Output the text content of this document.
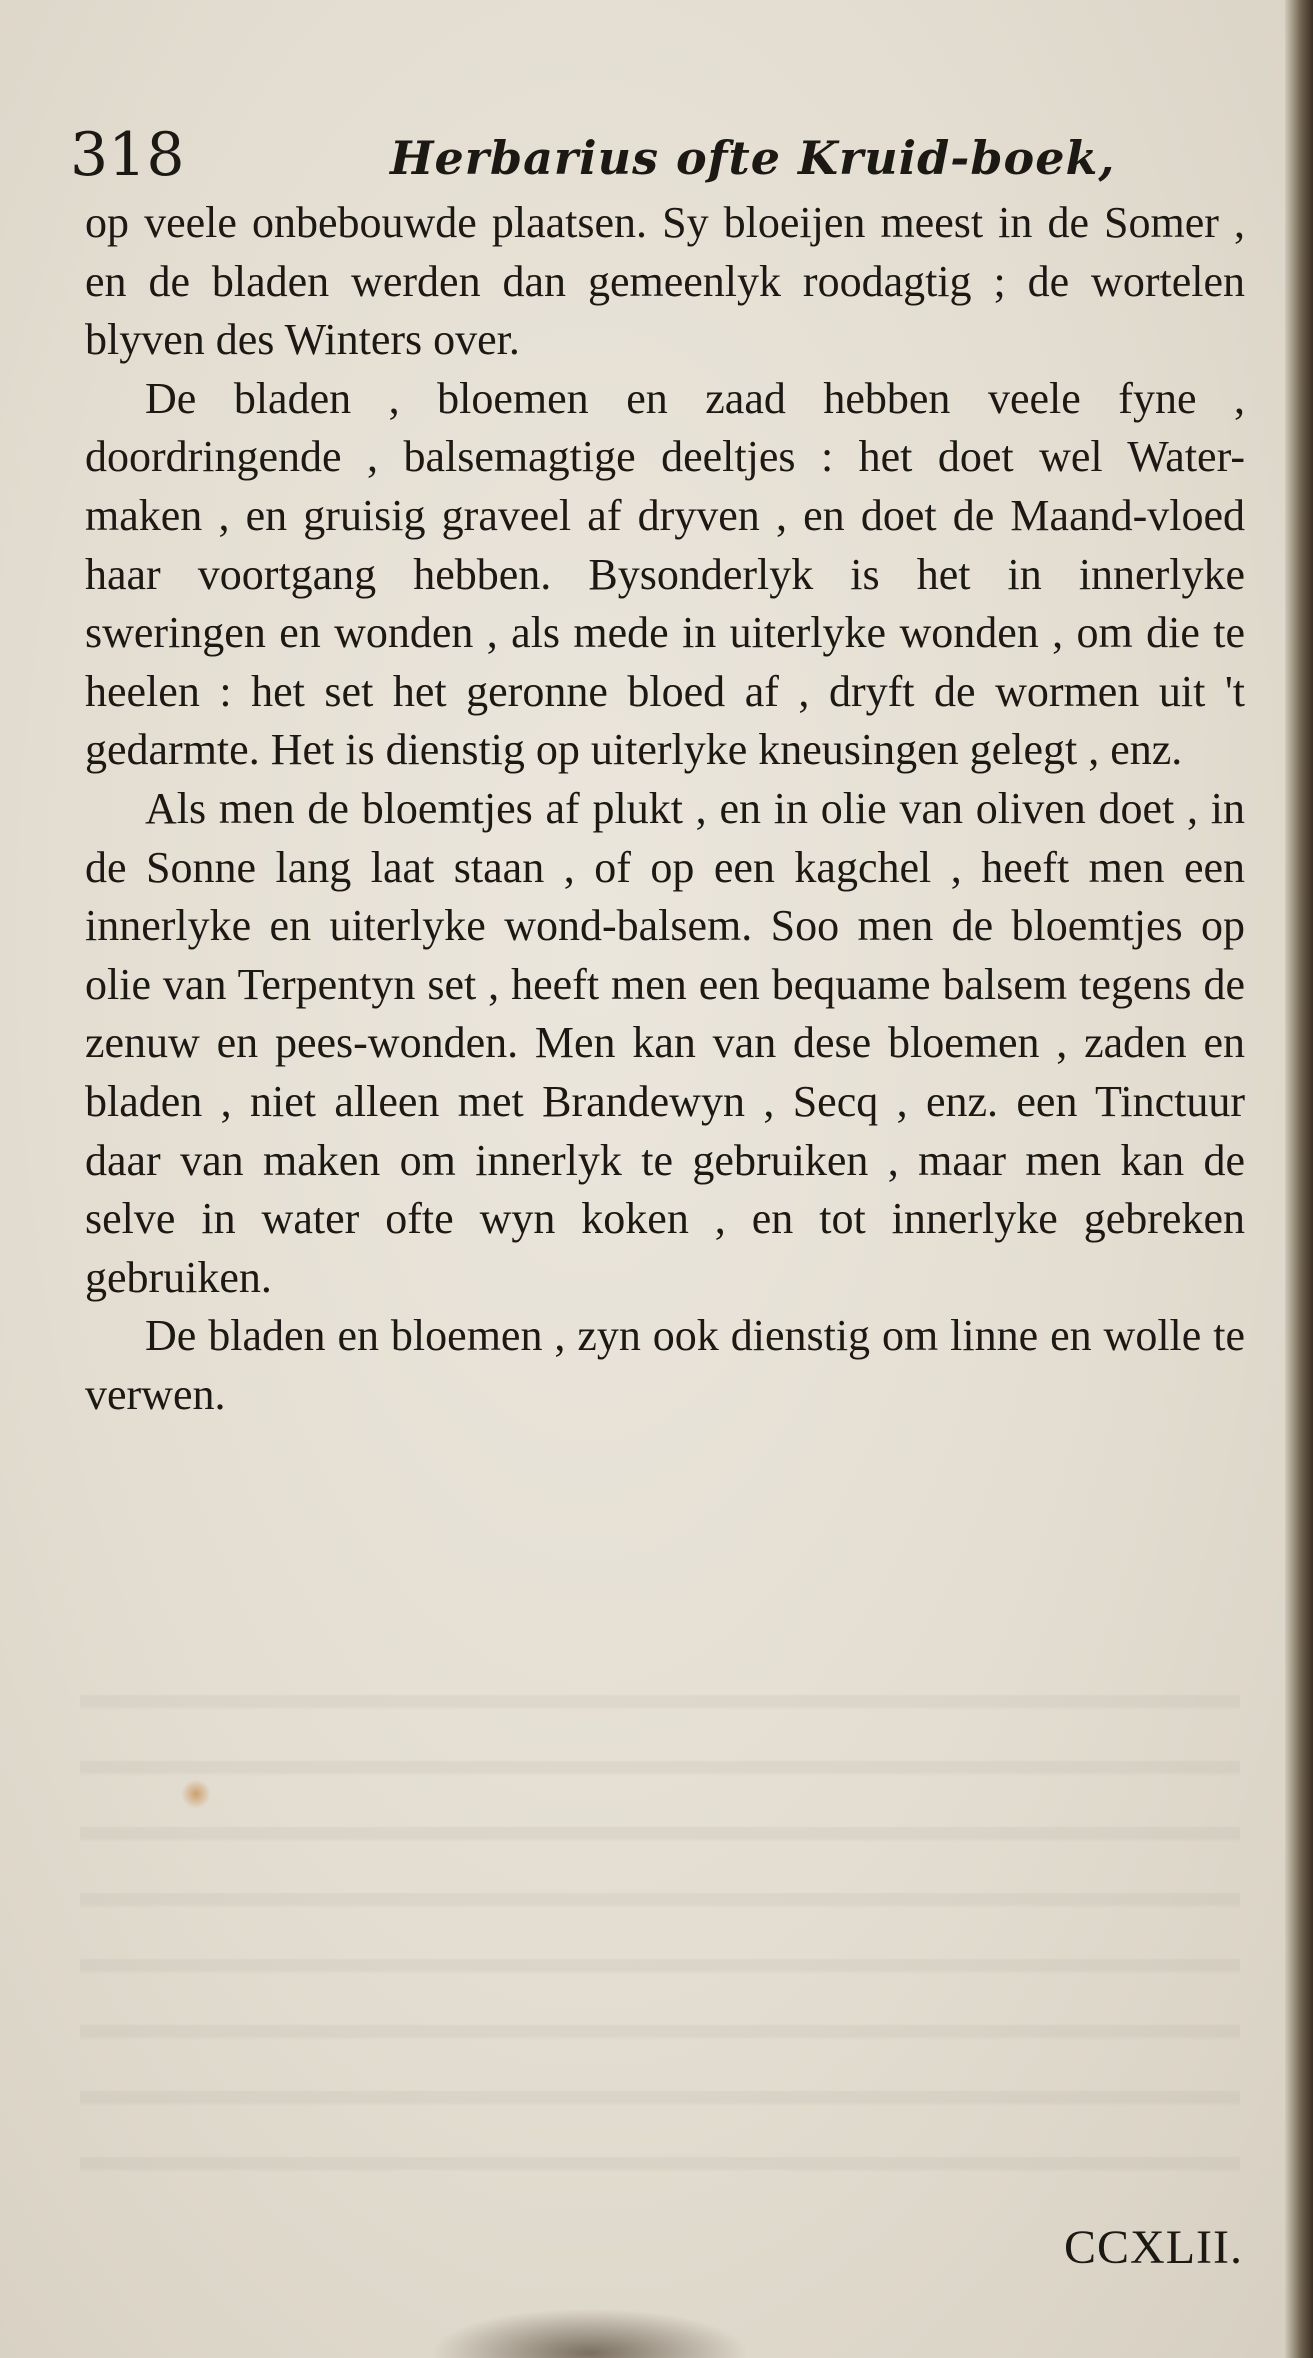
318	Herbarius ofte Kruid-boek,

op veele onbebouwde plaatsen. Sy bloeijen meest in de Somer , en de bladen werden dan gemeenlyk roodagtig ; de wortelen blyven des Winters over.

De bladen , bloemen en zaad hebben veele fyne , doordringende , balsemagtige deeltjes : het doet wel Water-maken , en gruisig graveel af dryven , en doet de Maand-vloed haar voortgang hebben. Bysonderlyk is het in innerlyke sweringen en wonden , als mede in uiterlyke wonden , om die te heelen : het set het geronne bloed af , dryft de wormen uit 't gedarmte. Het is dienstig op uiterlyke kneusingen gelegt , enz.

Als men de bloemtjes af plukt , en in olie van oliven doet , in de Sonne lang laat staan , of op een kagchel , heeft men een innerlyke en uiterlyke wond-balsem. Soo men de bloemtjes op olie van Terpentyn set , heeft men een bequame balsem tegens de zenuw en pees-wonden. Men kan van dese bloemen , zaden en bladen , niet alleen met Brandewyn , Secq , enz. een Tinctuur daar van maken om innerlyk te gebruiken , maar men kan de selve in water ofte wyn koken , en tot innerlyke gebreken gebruiken.

De bladen en bloemen , zyn ook dienstig om linne en wolle te verwen.

CCXLII.
